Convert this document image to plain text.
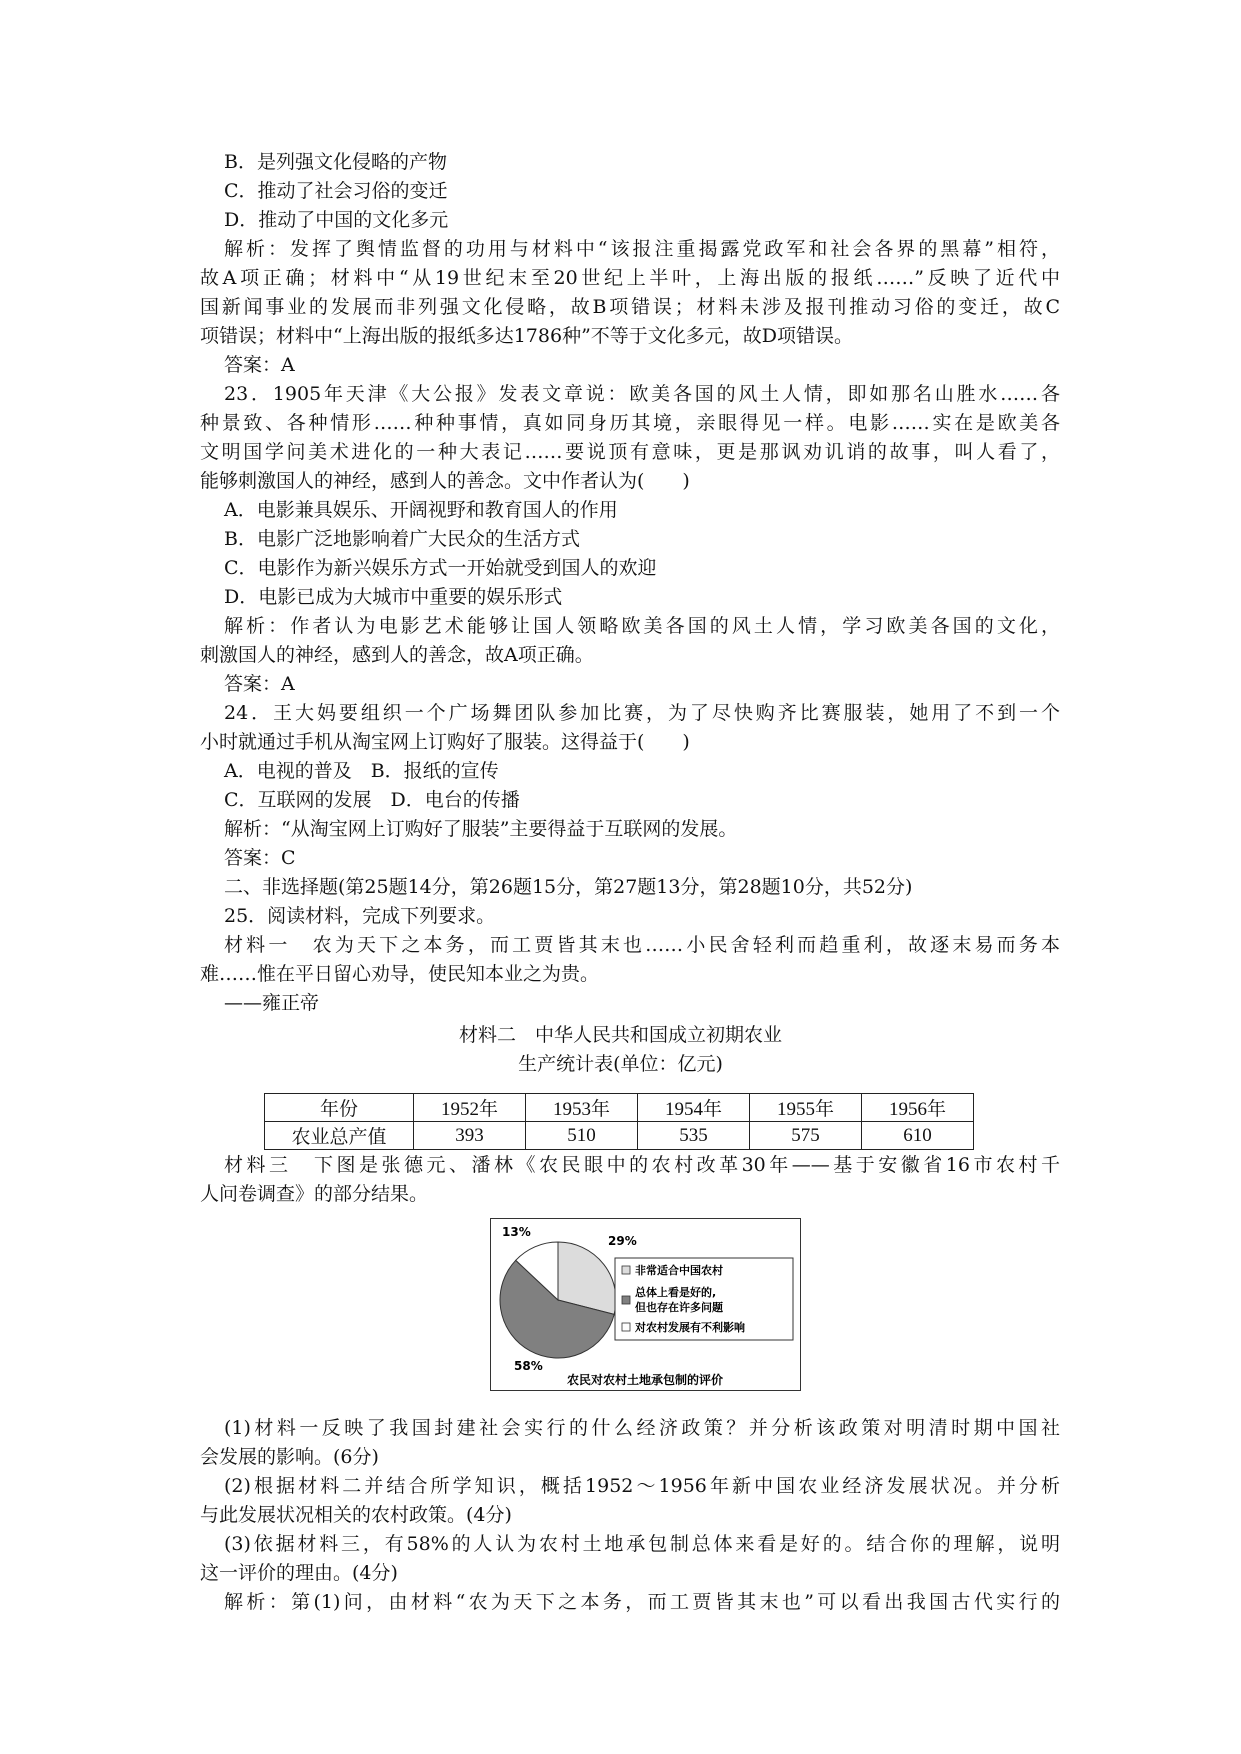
B．是列强文化侵略的产物
C．推动了社会习俗的变迁
D．推动了中国的文化多元
解析：发挥了舆情监督的功用与材料中“该报注重揭露党政军和社会各界的黑幕”相符，
故A项正确；材料中“从19世纪末至20世纪上半叶，上海出版的报纸……”反映了近代中
国新闻事业的发展而非列强文化侵略，故B项错误；材料未涉及报刊推动习俗的变迁，故C
项错误；材料中“上海出版的报纸多达1786种”不等于文化多元，故D项错误。
答案：A
23．1905年天津《大公报》发表文章说：欧美各国的风土人情，即如那名山胜水……各
种景致、各种情形……种种事情，真如同身历其境，亲眼得见一样。电影……实在是欧美各
文明国学问美术进化的一种大表记……要说顶有意味，更是那讽劝讥诮的故事，叫人看了，
能够刺激国人的神经，感到人的善念。文中作者认为(　　)
A．电影兼具娱乐、开阔视野和教育国人的作用
B．电影广泛地影响着广大民众的生活方式
C．电影作为新兴娱乐方式一开始就受到国人的欢迎
D．电影已成为大城市中重要的娱乐形式
解析：作者认为电影艺术能够让国人领略欧美各国的风土人情，学习欧美各国的文化，
刺激国人的神经，感到人的善念，故A项正确。
答案：A
24．王大妈要组织一个广场舞团队参加比赛，为了尽快购齐比赛服装，她用了不到一个
小时就通过手机从淘宝网上订购好了服装。这得益于(　　)
A．电视的普及　B．报纸的宣传
C．互联网的发展　D．电台的传播
解析：“从淘宝网上订购好了服装”主要得益于互联网的发展。
答案：C
二、非选择题(第25题14分，第26题15分，第27题13分，第28题10分，共52分)
25．阅读材料，完成下列要求。
材料一　农为天下之本务，而工贾皆其末也……小民舍轻利而趋重利，故逐末易而务本
难……惟在平日留心劝导，使民知本业之为贵。
——雍正帝
材料二　中华人民共和国成立初期农业
生产统计表(单位：亿元)
年份	1952年	1953年	1954年	1955年	1956年
农业总产值	393	510	535	575	610
材料三　下图是张德元、潘林《农民眼中的农村改革30年——基于安徽省16市农村千
人问卷调查》的部分结果。
13%
29%
58%
非常适合中国农村
总体上看是好的,
但也存在许多问题
对农村发展有不利影响
农民对农村土地承包制的评价
(1)材料一反映了我国封建社会实行的什么经济政策？并分析该政策对明清时期中国社
会发展的影响。(6分)
(2)根据材料二并结合所学知识，概括1952～1956年新中国农业经济发展状况。并分析
与此发展状况相关的农村政策。(4分)
(3)依据材料三，有58%的人认为农村土地承包制总体来看是好的。结合你的理解，说明
这一评价的理由。(4分)
解析：第(1)问，由材料“农为天下之本务，而工贾皆其末也”可以看出我国古代实行的
